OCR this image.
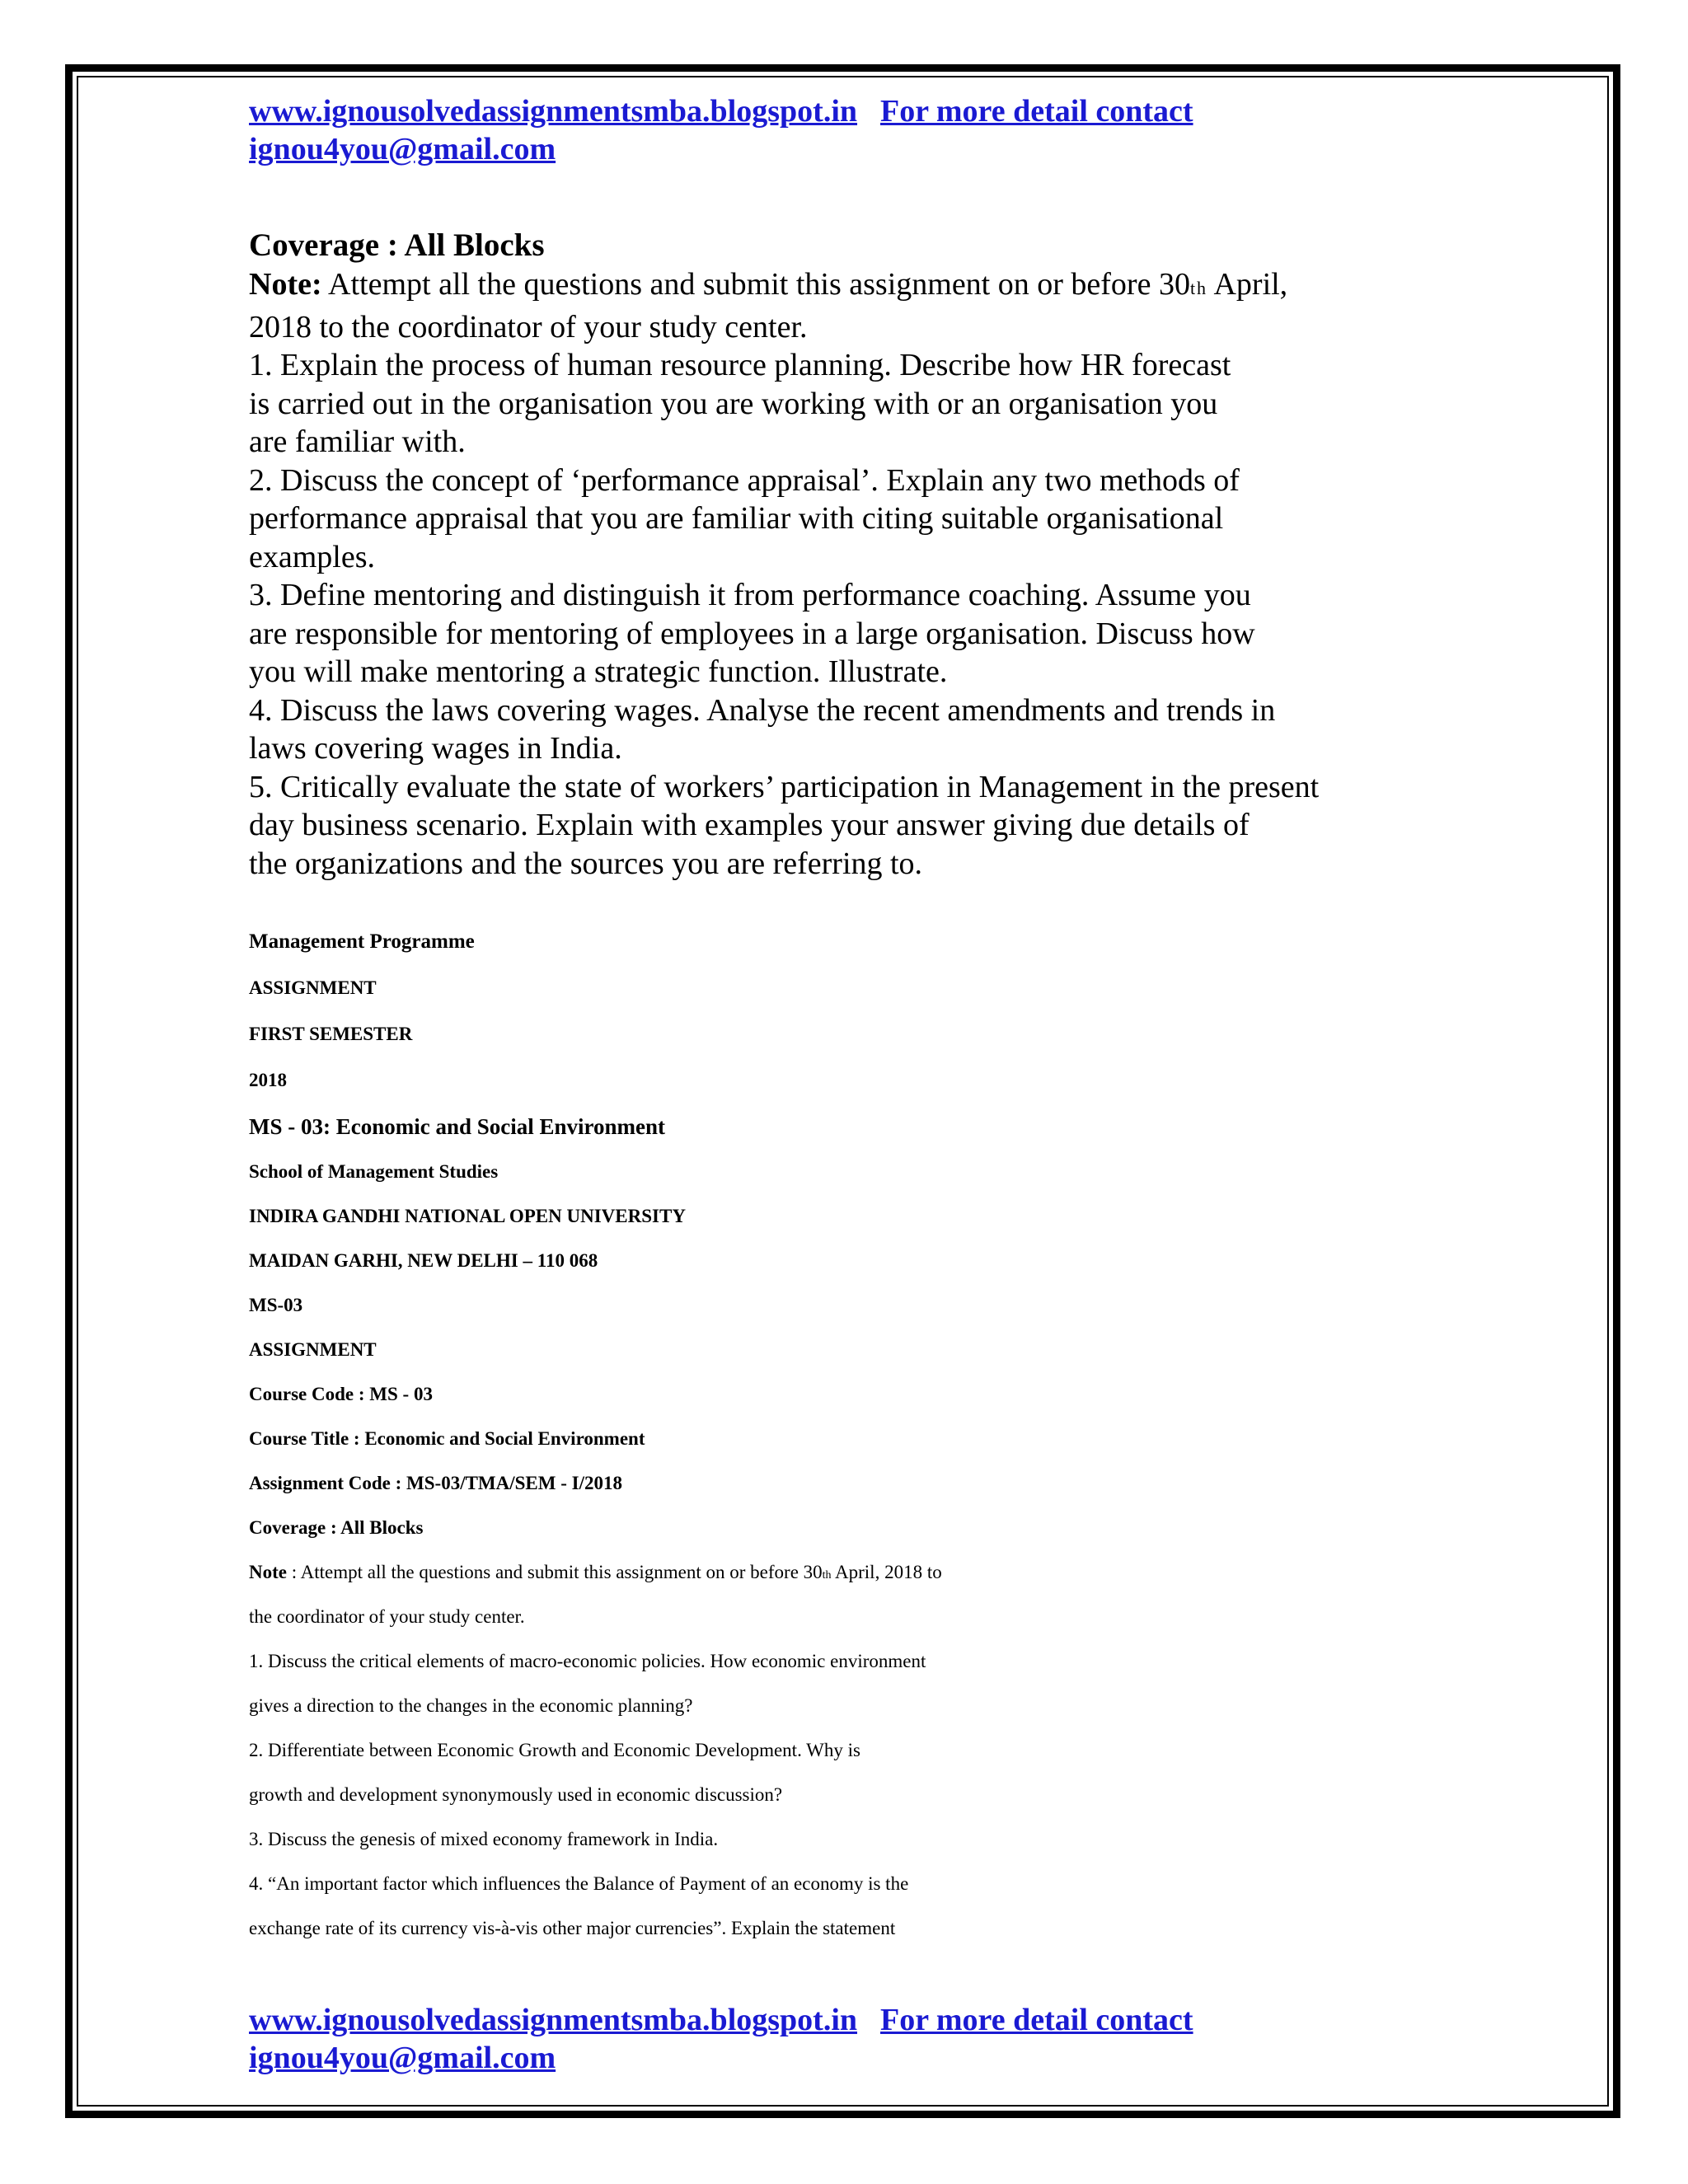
www.ignousolvedassignmentsmba.blogspot.in For more detail contact
ignou4you@gmail.com
Coverage : All Blocks
Note: Attempt all the questions and submit this assignment on or before 30th April,
2018 to the coordinator of your study center.
1. Explain the process of human resource planning. Describe how HR forecast
is carried out in the organisation you are working with or an organisation you
are familiar with.
2. Discuss the concept of ‘performance appraisal’. Explain any two methods of
performance appraisal that you are familiar with citing suitable organisational
examples.
3. Define mentoring and distinguish it from performance coaching. Assume you
are responsible for mentoring of employees in a large organisation. Discuss how
you will make mentoring a strategic function. Illustrate.
4. Discuss the laws covering wages. Analyse the recent amendments and trends in
laws covering wages in India.
5. Critically evaluate the state of workers’ participation in Management in the present
day business scenario. Explain with examples your answer giving due details of
the organizations and the sources you are referring to.
Management Programme
ASSIGNMENT
FIRST SEMESTER
2018
MS - 03: Economic and Social Environment
School of Management Studies
INDIRA GANDHI NATIONAL OPEN UNIVERSITY
MAIDAN GARHI, NEW DELHI – 110 068
MS-03
ASSIGNMENT
Course Code : MS - 03
Course Title : Economic and Social Environment
Assignment Code : MS-03/TMA/SEM - I/2018
Coverage : All Blocks
Note : Attempt all the questions and submit this assignment on or before 30th April, 2018 to
the coordinator of your study center.
1. Discuss the critical elements of macro-economic policies. How economic environment
gives a direction to the changes in the economic planning?
2. Differentiate between Economic Growth and Economic Development. Why is
growth and development synonymously used in economic discussion?
3. Discuss the genesis of mixed economy framework in India.
4. “An important factor which influences the Balance of Payment of an economy is the
exchange rate of its currency vis-à-vis other major currencies”. Explain the statement
www.ignousolvedassignmentsmba.blogspot.in For more detail contact
ignou4you@gmail.com
